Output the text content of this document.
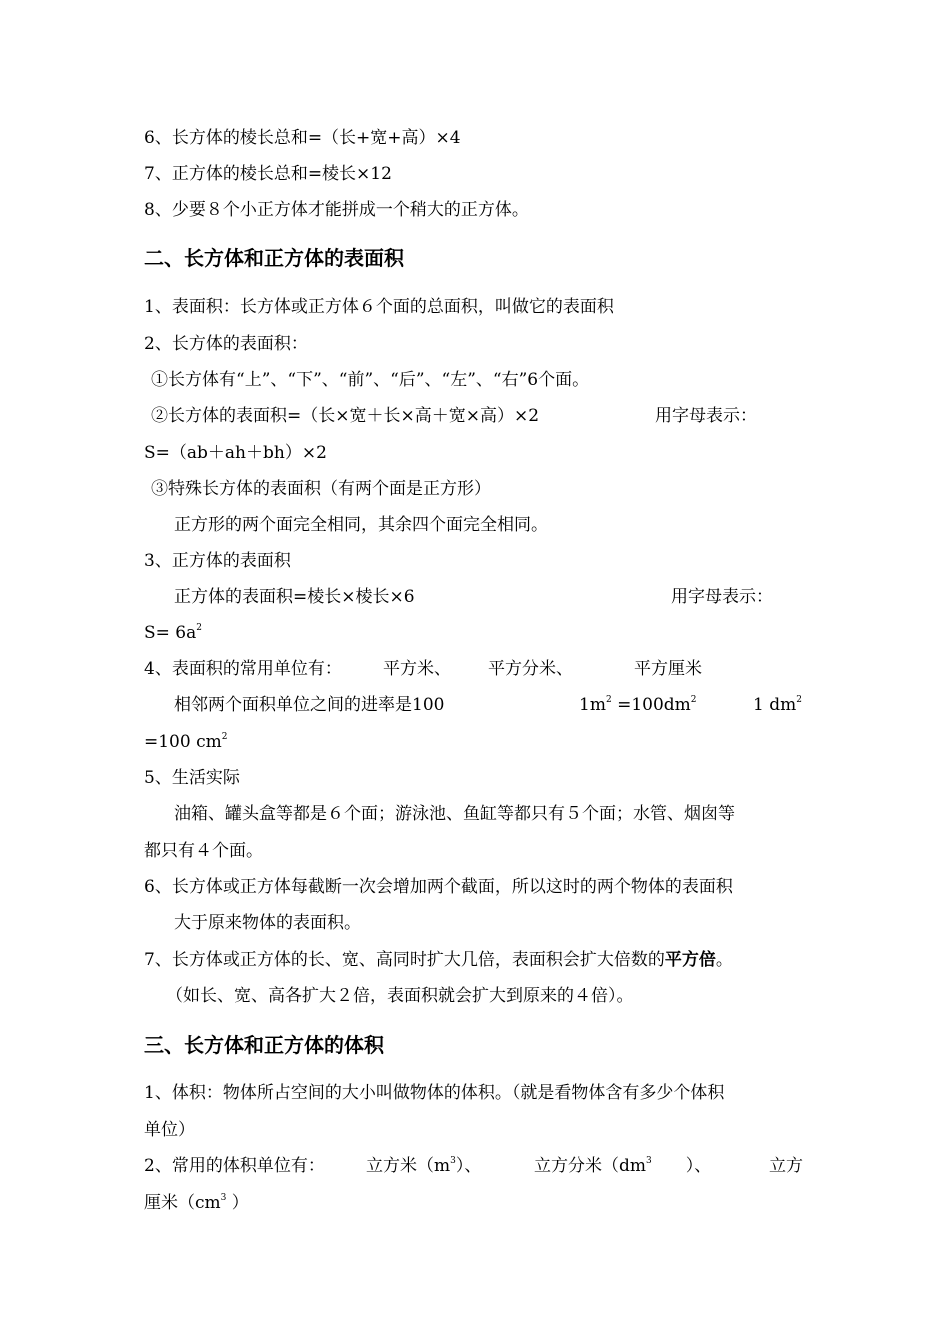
6、长方体的棱长总和=（长+宽+高）×4
7、正方体的棱长总和=棱长×12
8、少要８个小正方体才能拼成一个稍大的正方体。
二、长方体和正方体的表面积
1、表面积：长方体或正方体６个面的总面积，叫做它的表面积
2、长方体的表面积：
①长方体有“上”、“下”、“前”、“后”、“左”、“右”6个面。
②长方体的表面积=（长×宽＋长×高＋宽×高）×2	用字母表示：
S=（ab＋ah＋bh）×2
③特殊长方体的表面积（有两个面是正方形）
正方形的两个面完全相同，其余四个面完全相同。
3、正方体的表面积
正方体的表面积=棱长×棱长×6	用字母表示：
$S= 6a^2$
4、表面积的常用单位有： 平方米、 平方分米、	平方厘米
相邻两个面积单位之间的进率是100	$1m^2 =100dm^2$	1 $dm^2$
=100 $cm^2$
5、生活实际
油箱、罐头盒等都是６个面；游泳池、鱼缸等都只有５个面；水管、烟囱等
都只有４个面。
6、长方体或正方体每截断一次会增加两个截面，所以这时的两个物体的表面积
大于原来物体的表面积。
7、长方体或正方体的长、宽、高同时扩大几倍，表面积会扩大倍数的平方倍。
（如长、宽、高各扩大２倍，表面积就会扩大到原来的４倍）。
三、长方体和正方体的体积
1、体积：物体所占空间的大小叫做物体的体积。（就是看物体含有多少个体积
单位）
2、常用的体积单位有： 立方米$(m^3)$、	立方分米（$dm^3$ ）、	立方
厘米（$cm^3$ ）
